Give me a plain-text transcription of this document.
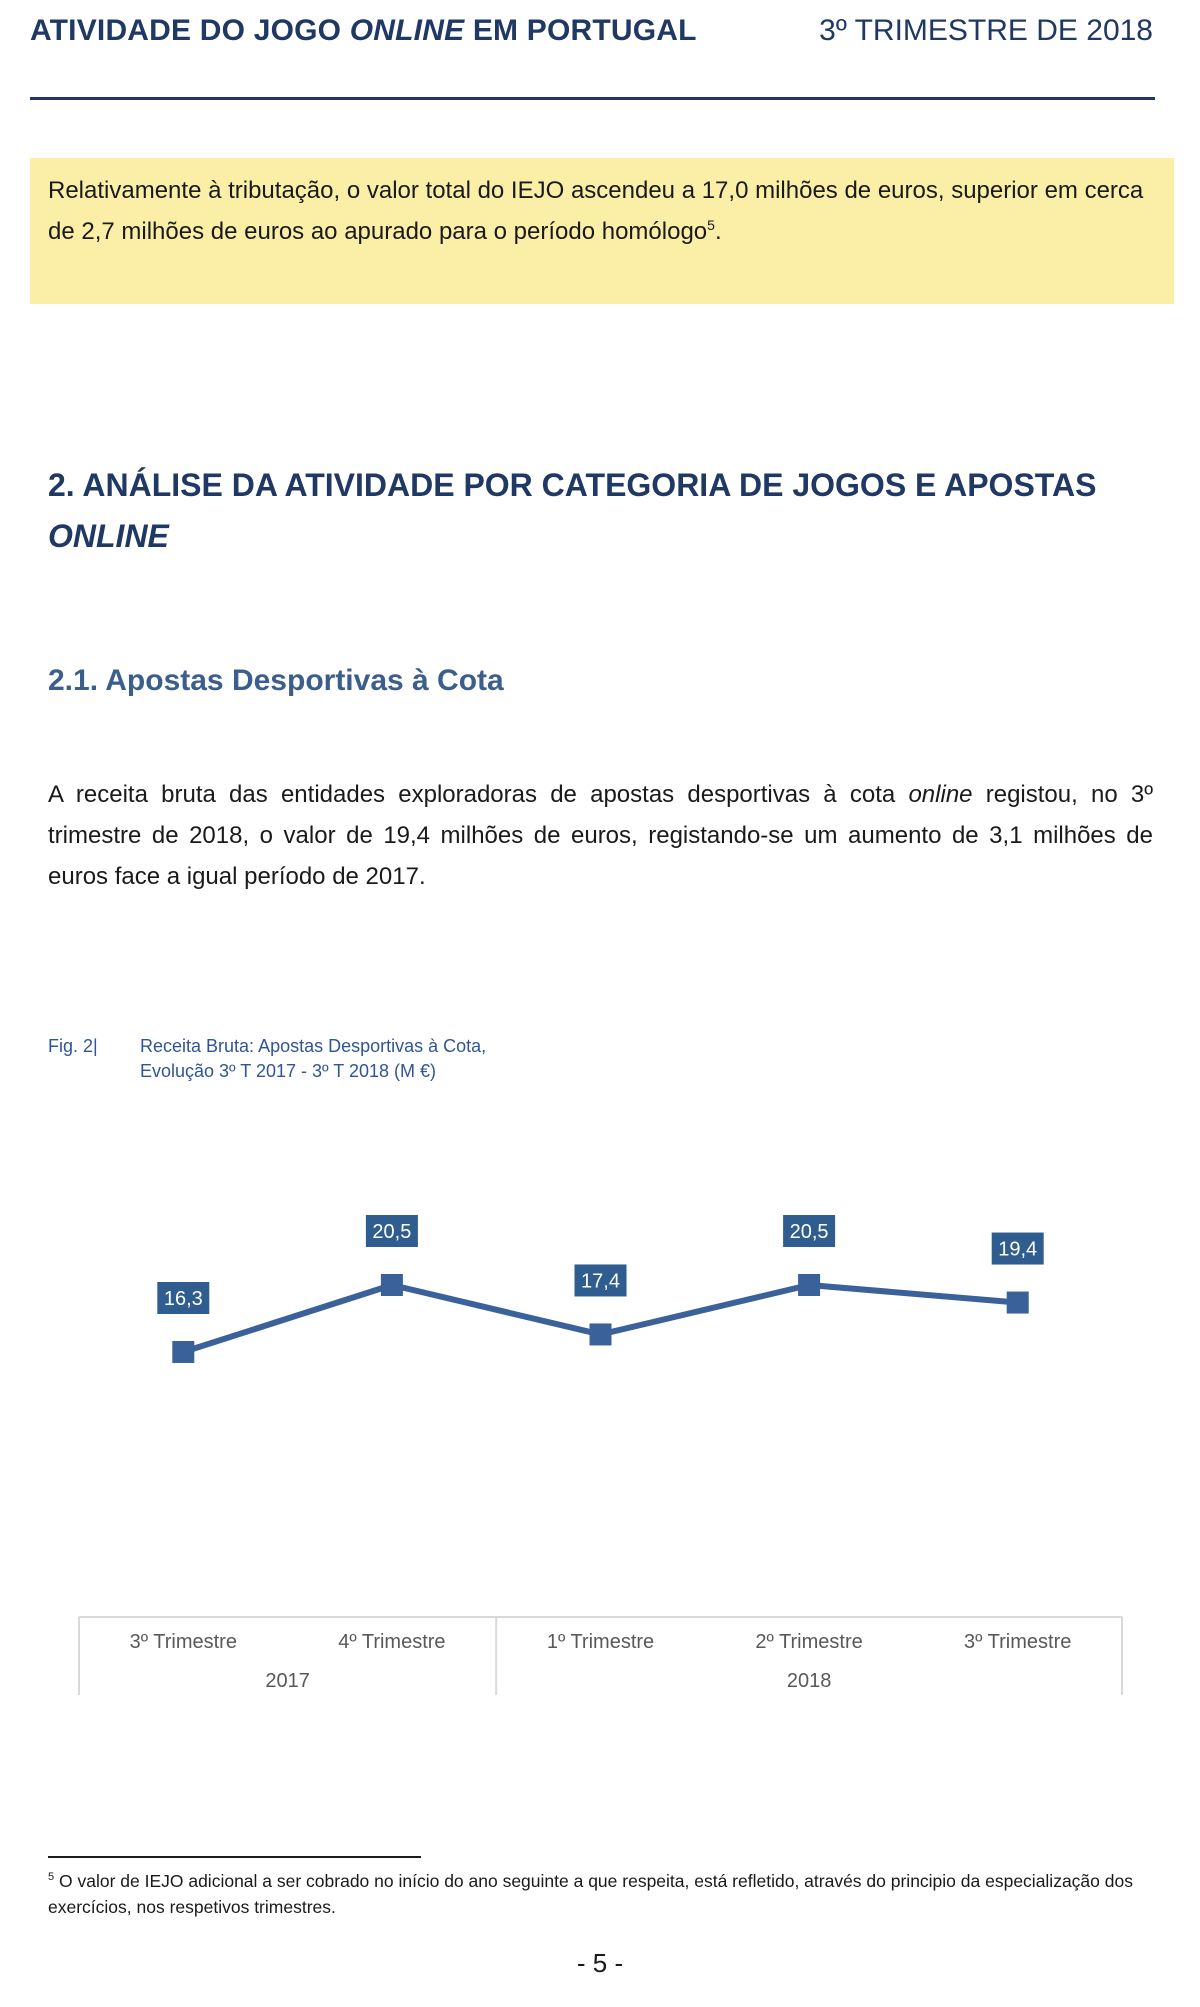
ATIVIDADE DO JOGO ONLINE EM PORTUGAL	3º TRIMESTRE DE 2018

Relativamente à tributação, o valor total do IEJO ascendeu a 17,0 milhões de euros, superior em cerca de 2,7 milhões de euros ao apurado para o período homólogo$^5$.

2. ANÁLISE DA ATIVIDADE POR CATEGORIA DE JOGOS E APOSTAS
ONLINE
2.1. Apostas Desportivas à Cota

A receita bruta das entidades exploradoras de apostas desportivas à cota online registou, no 3º trimestre de 2018, o valor de 19,4 milhões de euros, registando-se um aumento de 3,1 milhões de euros face a igual período de 2017.

Fig. 2| Receita Bruta: Apostas Desportivas à Cota,
Evolução 3º T 2017 - 3º T 2018 (M €)
16,3
20,5
17,4
20,5
19,4
2017	2018
3º Trimestre	4º Trimestre	1º Trimestre	2º Trimestre	3º Trimestre
$^5$ O valor de IEJO adicional a ser cobrado no início do ano seguinte a que respeita, está refletido, através do principio da especialização dos exercícios, nos respetivos trimestres.
- 5 -
